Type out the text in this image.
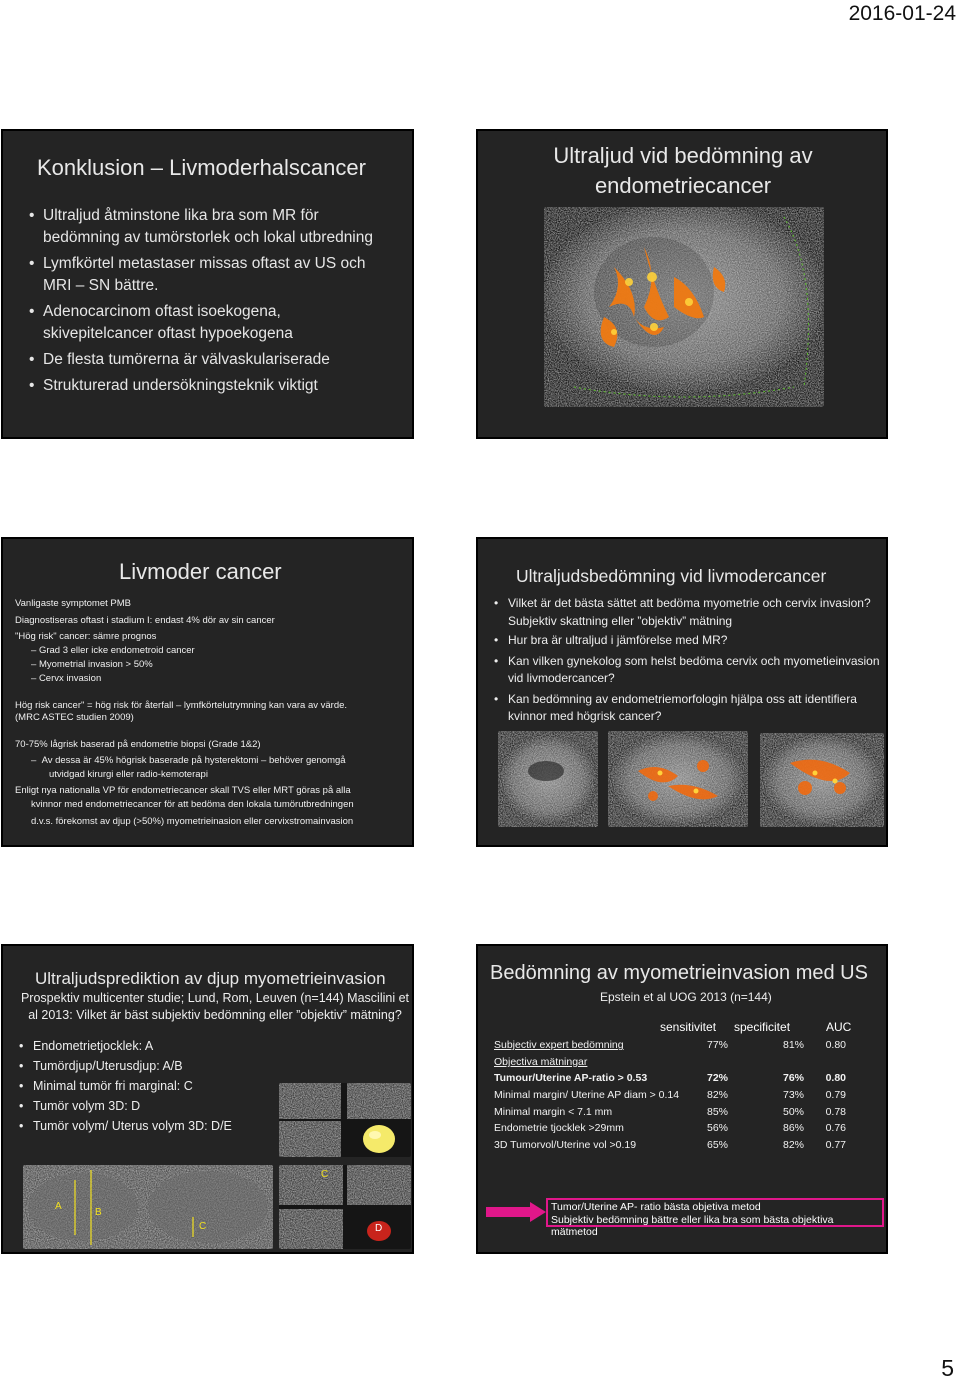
2016-01-24
Konklusion – Livmoderhalscancer
• Ultraljud åtminstone lika bra som MR för bedömning av tumörstorlek och lokal utbredning
• Lymfkörtel metastaser missas oftast av US och MRI – SN bättre.
• Adenocarcinom oftast isoekogena, skivepitelcancer oftast hypoekogena
• De flesta tumörerna är välvaskulariserade
• Strukturerad undersökningsteknik viktigt
Ultraljud vid bedömning av endometriecancer
Livmoder cancer
Vanligaste symptomet PMB
Diagnostiseras oftast i stadium I: endast 4% dör av sin cancer
"Hög risk" cancer: sämre prognos
– Grad 3 eller icke endometroid cancer
– Myometrial invasion > 50%
– Cervx invasion
Hög risk cancer" = hög risk för återfall – lymfkörtelutrymning kan vara av värde.
(MRC ASTEC studien 2009)
70-75% lågrisk baserad på endometrie biopsi (Grade 1&2)
–  Av dessa är 45% högrisk baserade på hysterektomi – behöver genomgå
utvidgad kirurgi eller radio-kemoterapi
Enligt nya nationalla VP för endometriecancer skall TVS eller MRT göras på alla
kvinnor med endometriecancer för att bedöma den lokala tumörutbredningen
d.v.s. förekomst av djup (>50%) myometrieinasion eller cervixstromainvasion
Ultraljudsbedömning vid livmodercancer
• Vilket är det bästa sättet att bedöma myometrie och cervix invasion? Subjektiv skattning eller ”objektiv” mätning
• Hur bra är ultraljud i jämförelse med MR?
• Kan vilken gynekolog som helst bedöma cervix och myometieinvasion vid livmodercancer?
• Kan bedömning av endometriemorfologin hjälpa oss att identifiera kvinnor med högrisk cancer?
Ultraljudsprediktion av djup myometrieinvasion
Prospektiv multicenter studie; Lund, Rom, Leuven (n=144) Mascilini et al 2013: Vilket är bäst subjektiv bedömning eller ”objektiv” mätning?
• Endometrietjocklek: A
• Tumördjup/Uterusdjup: A/B
• Minimal tumör fri marginal: C
• Tumör volym 3D: D
• Tumör volym/ Uterus volym 3D: D/E
A
B
C
C
D
Bedömning av myometrieinvasion med US
Epstein et al UOG 2013 (n=144)
sensitivitet specificitet	AUC
Subjectiv expert bedömning	77%	81%	0.80
Objectiva mätningar			
Tumour/Uterine AP-ratio > 0.53	72%	76%	0.80
Minimal margin/ Uterine AP diam > 0.14	82%	73%	0.79
Minimal margin < 7.1 mm	85%	50%	0.78
Endometrie tjocklek >29mm	56%	86%	0.76
3D Tumorvol/Uterine vol >0.19	65%	82%	0.77
Tumor/Uterine AP- ratio bästa objetiva metod
Subjektiv bedömning bättre eller lika bra som bästa objektiva mätmetod
5
